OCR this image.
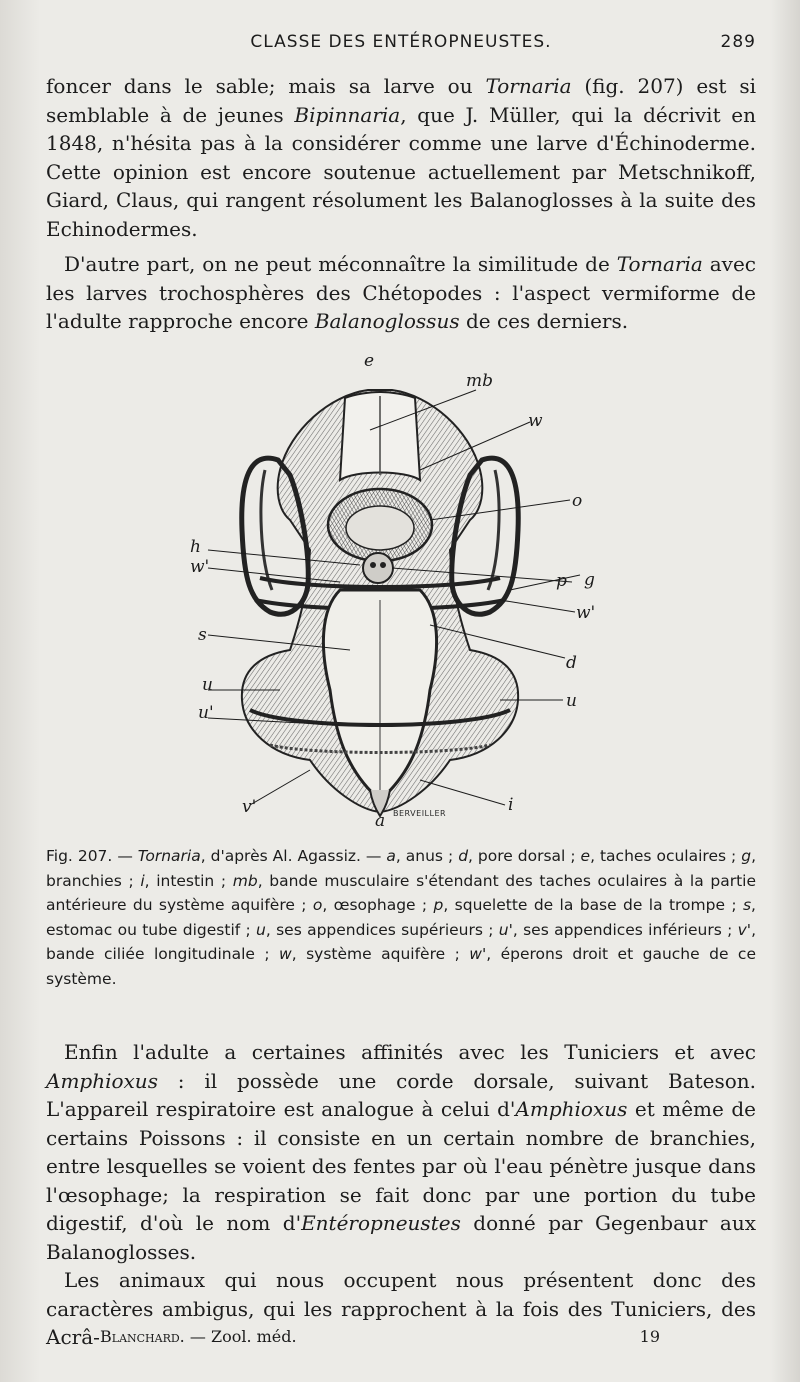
CLASSE DES ENTÉROPNEUSTES.	289
foncer dans le sable; mais sa larve ou Tornaria (fig. 207) est si semblable à de jeunes Bipinnaria, que J. Müller, qui la décrivit en 1848, n'hésita pas à la considérer comme une larve d'Échinoderme. Cette opinion est encore soutenue actuellement par Metschnikoff, Giard, Claus, qui rangent résolument les Balanoglosses à la suite des Echinodermes.
D'autre part, on ne peut méconnaître la similitude de Tornaria avec les larves trochosphères des Chétopodes : l'aspect vermiforme de l'adulte rapproche encore Balanoglossus de ces derniers.
e
mb
w
o
h
w'
p g
w'
s
d
u
u
u'
v'
a
i
BERVEILLER
Fig. 207. — Tornaria, d'après Al. Agassiz. — a, anus ; d, pore dorsal ; e, taches oculaires ; g, branchies ; i, intestin ; mb, bande musculaire s'étendant des taches oculaires à la partie antérieure du système aquifère ; o, œsophage ; p, squelette de la base de la trompe ; s, estomac ou tube digestif ; u, ses appendices supérieurs ; u', ses appendices inférieurs ; v', bande ciliée longitudinale ; w, système aquifère ; w', éperons droit et gauche de ce système.
Enfin l'adulte a certaines affinités avec les Tuniciers et avec Amphioxus : il possède une corde dorsale, suivant Bateson. L'appareil respiratoire est analogue à celui d'Amphioxus et même de certains Poissons : il consiste en un certain nombre de branchies, entre lesquelles se voient des fentes par où l'eau pénètre jusque dans l'œsophage; la respiration se fait donc par une portion du tube digestif, d'où le nom d'Entéropneustes donné par Gegenbaur aux Balanoglosses.
Les animaux qui nous occupent nous présentent donc des caractères ambigus, qui les rapprochent à la fois des Tuniciers, des Acrâ- Blanchard. — Zool. méd.	19
